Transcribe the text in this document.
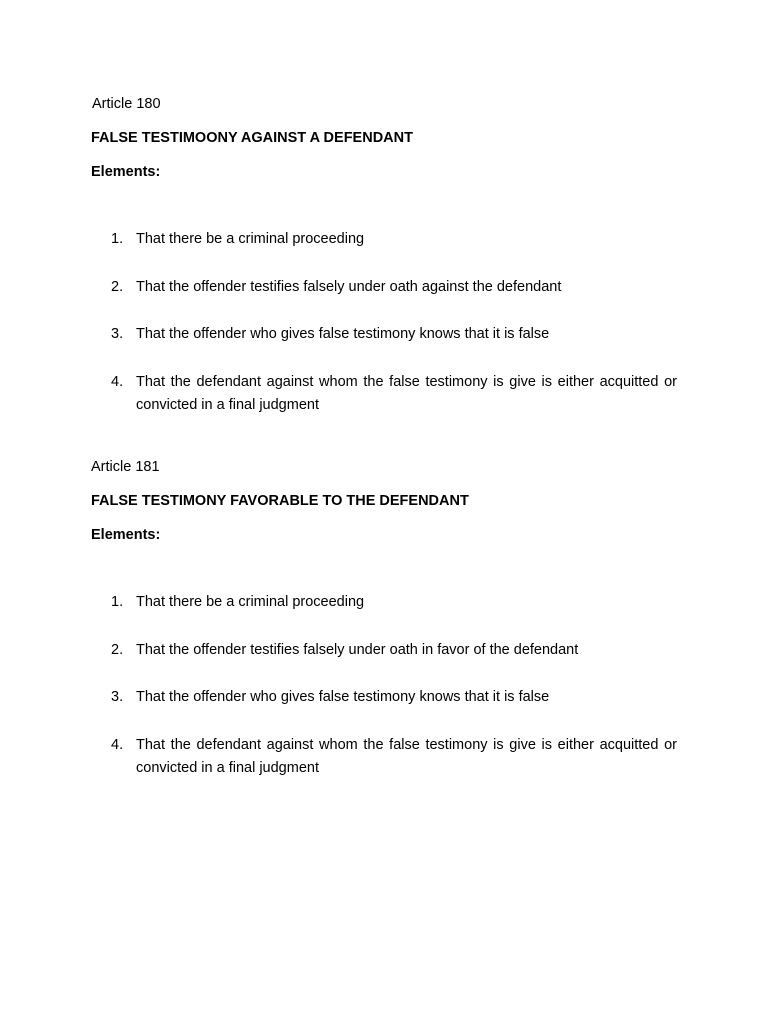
Article 180
FALSE TESTIMOONY AGAINST A DEFENDANT
Elements:
1. That there be a criminal proceeding
2. That the offender testifies falsely under oath against the defendant
3. That the offender who gives false testimony knows that it is false
4. That the defendant against whom the false testimony is give is either acquitted or convicted in a final judgment
Article 181
FALSE TESTIMONY FAVORABLE TO THE DEFENDANT
Elements:
1. That there be a criminal proceeding
2. That the offender testifies falsely under oath in favor of the defendant
3. That the offender who gives false testimony knows that it is false
4. That the defendant against whom the false testimony is give is either acquitted or convicted in a final judgment
